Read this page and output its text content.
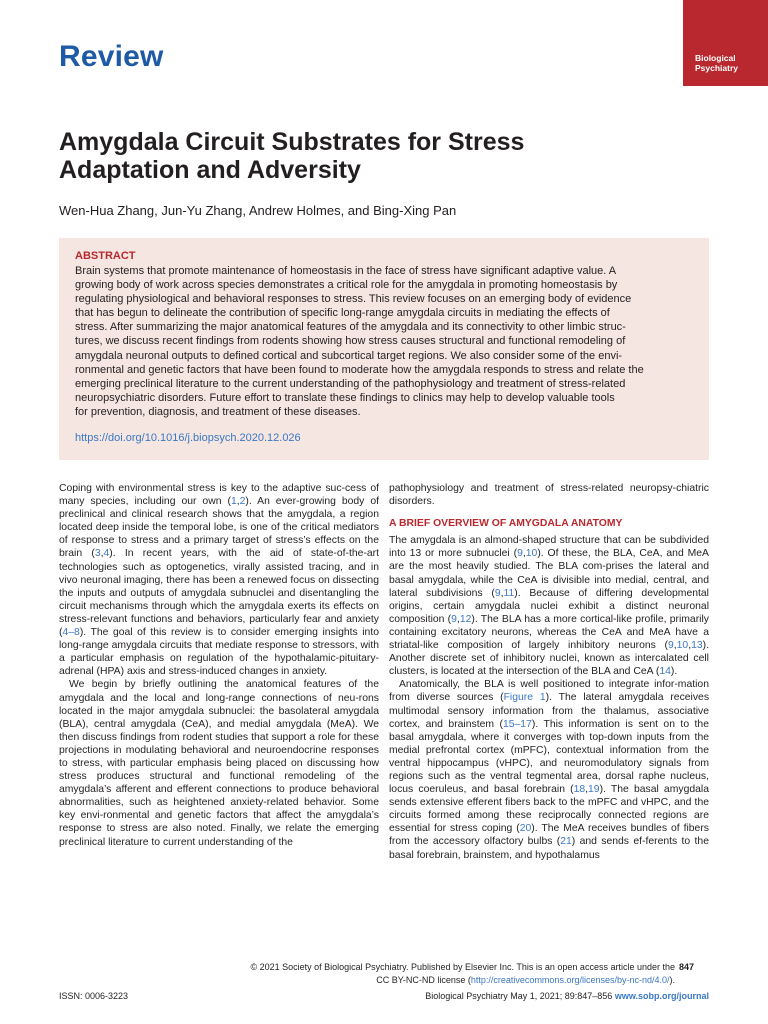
Review	Biological
Psychiatry
Amygdala Circuit Substrates for Stress
Adaptation and Adversity
Wen-Hua Zhang, Jun-Yu Zhang, Andrew Holmes, and Bing-Xing Pan
ABSTRACT
Brain systems that promote maintenance of homeostasis in the face of stress have significant adaptive value. A
growing body of work across species demonstrates a critical role for the amygdala in promoting homeostasis by
regulating physiological and behavioral responses to stress. This review focuses on an emerging body of evidence
that has begun to delineate the contribution of specific long-range amygdala circuits in mediating the effects of
stress. After summarizing the major anatomical features of the amygdala and its connectivity to other limbic struc-
tures, we discuss recent findings from rodents showing how stress causes structural and functional remodeling of
amygdala neuronal outputs to defined cortical and subcortical target regions. We also consider some of the envi-
ronmental and genetic factors that have been found to moderate how the amygdala responds to stress and relate the
emerging preclinical literature to the current understanding of the pathophysiology and treatment of stress-related
neuropsychiatric disorders. Future effort to translate these findings to clinics may help to develop valuable tools
for prevention, diagnosis, and treatment of these diseases.
https://doi.org/10.1016/j.biopsych.2020.12.026

Coping with environmental stress is key to the adaptive suc-cess of many species, including our own (1,2). An ever-growing body of preclinical and clinical research shows that the amygdala, a region located deep inside the temporal lobe, is one of the critical mediators of response to stress and a primary target of stress’s effects on the brain (3,4). In recent years, with the aid of state-of-the-art technologies such as optogenetics, virally assisted tracing, and in vivo neuronal imaging, there has been a renewed focus on dissecting the inputs and outputs of amygdala subnuclei and disentangling the circuit mechanisms through which the amygdala exerts its effects on stress-relevant functions and behaviors, particularly fear and anxiety (4–8). The goal of this review is to consider emerging insights into long-range amygdala circuits that mediate response to stressors, with a particular emphasis on regulation of the hypothalamic-pituitary-adrenal (HPA) axis and stress-induced changes in anxiety.

We begin by briefly outlining the anatomical features of the amygdala and the local and long-range connections of neu-rons located in the major amygdala subnuclei: the basolateral amygdala (BLA), central amygdala (CeA), and medial amygdala (MeA). We then discuss findings from rodent studies that support a role for these projections in modulating behavioral and neuroendocrine responses to stress, with particular emphasis being placed on discussing how stress produces structural and functional remodeling of the amygdala’s afferent and efferent connections to produce behavioral abnormalities, such as heightened anxiety-related behavior. Some key envi-ronmental and genetic factors that affect the amygdala’s response to stress are also noted. Finally, we relate the emerging preclinical literature to current understanding of the

pathophysiology and treatment of stress-related neuropsy-chiatric disorders.

A BRIEF OVERVIEW OF AMYGDALA ANATOMY

The amygdala is an almond-shaped structure that can be subdivided into 13 or more subnuclei (9,10). Of these, the BLA, CeA, and MeA are the most heavily studied. The BLA com-prises the lateral and basal amygdala, while the CeA is divisible into medial, central, and lateral subdivisions (9,11). Because of differing developmental origins, certain amygdala nuclei exhibit a distinct neuronal composition (9,12). The BLA has a more cortical-like profile, primarily containing excitatory neurons, whereas the CeA and MeA have a striatal-like composition of largely inhibitory neurons (9,10,13). Another discrete set of inhibitory nuclei, known as intercalated cell clusters, is located at the intersection of the BLA and CeA (14).

Anatomically, the BLA is well positioned to integrate infor-mation from diverse sources (Figure 1). The lateral amygdala receives multimodal sensory information from the thalamus, associative cortex, and brainstem (15–17). This information is sent on to the basal amygdala, where it converges with top-down inputs from the medial prefrontal cortex (mPFC), contextual information from the ventral hippocampus (vHPC), and neuromodulatory signals from regions such as the ventral tegmental area, dorsal raphe nucleus, locus coeruleus, and basal forebrain (18,19). The basal amygdala sends extensive efferent fibers back to the mPFC and vHPC, and the circuits formed among these reciprocally connected regions are essential for stress coping (20). The MeA receives bundles of fibers from the accessory olfactory bulbs (21) and sends ef-ferents to the basal forebrain, brainstem, and hypothalamus

© 2021 Society of Biological Psychiatry. Published by Elsevier Inc. This is an open access article under the
CC BY-NC-ND license (http://creativecommons.org/licenses/by-nc-nd/4.0/).
847
ISSN: 0006-3223	Biological Psychiatry May 1, 2021; 89:847–856 www.sobp.org/journal
